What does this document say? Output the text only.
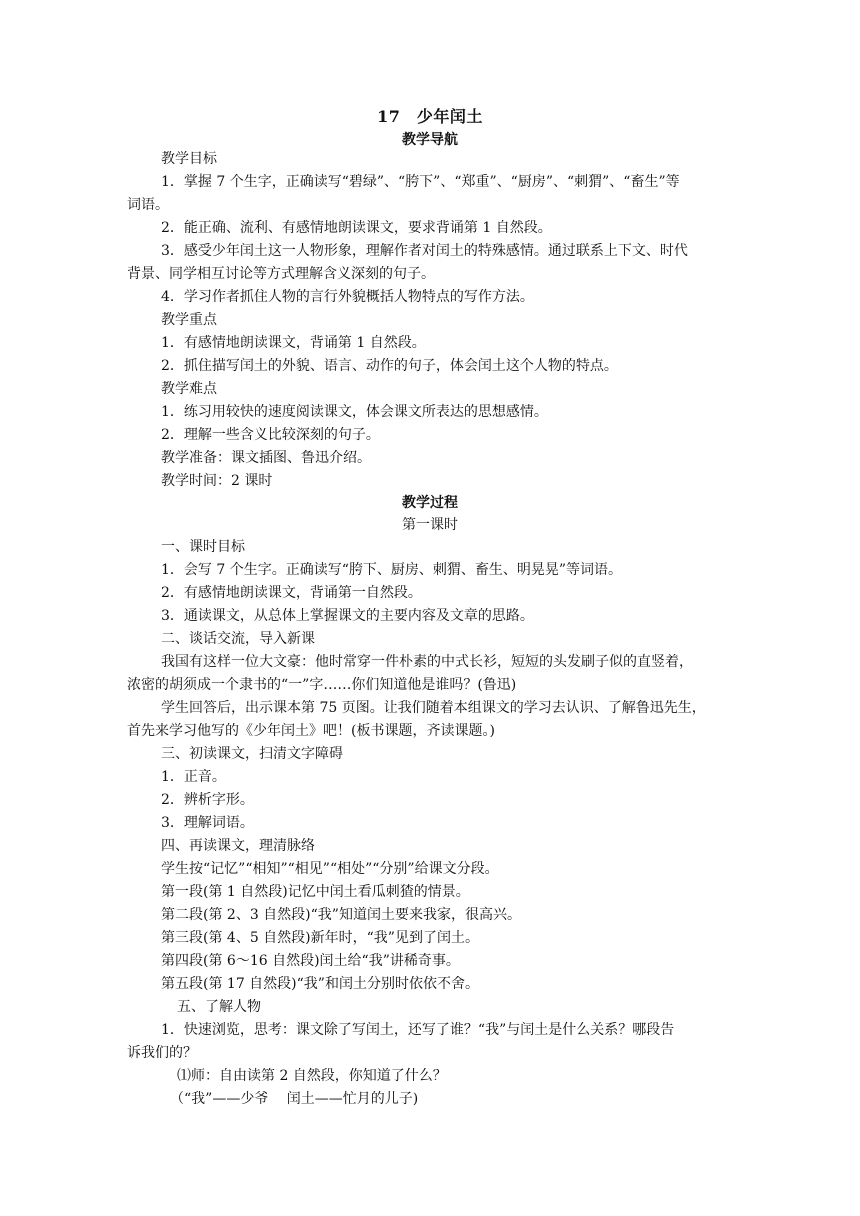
17　少年闰土
教学导航
教学目标
1．掌握 7 个生字，正确读写“碧绿”、“胯下”、“郑重”、“厨房”、“刺猬”、“畜生”等
词语。
2．能正确、流利、有感情地朗读课文，要求背诵第 1 自然段。
3．感受少年闰土这一人物形象，理解作者对闰土的特殊感情。通过联系上下文、时代
背景、同学相互讨论等方式理解含义深刻的句子。
4．学习作者抓住人物的言行外貌概括人物特点的写作方法。
教学重点
1．有感情地朗读课文，背诵第 1 自然段。
2．抓住描写闰土的外貌、语言、动作的句子，体会闰土这个人物的特点。
教学难点
1．练习用较快的速度阅读课文，体会课文所表达的思想感情。
2．理解一些含义比较深刻的句子。
教学准备：课文插图、鲁迅介绍。
教学时间：2 课时
教学过程
第一课时
一、课时目标
1．会写 7 个生字。正确读写“胯下、厨房、刺猬、畜生、明晃晃”等词语。
2．有感情地朗读课文，背诵第一自然段。
3．通读课文，从总体上掌握课文的主要内容及文章的思路。
二、谈话交流，导入新课
我国有这样一位大文豪：他时常穿一件朴素的中式长衫，短短的头发刷子似的直竖着，
浓密的胡须成一个隶书的“一”字……你们知道他是谁吗？(鲁迅)
学生回答后，出示课本第 75 页图。让我们随着本组课文的学习去认识、了解鲁迅先生，
首先来学习他写的《少年闰土》吧！(板书课题，齐读课题。)
三、初读课文，扫清文字障碍
1．正音。
2．辨析字形。
3．理解词语。
四、再读课文，理清脉络
学生按“记忆”“相知”“相见”“相处”“分别”给课文分段。
第一段(第 1 自然段)记忆中闰土看瓜刺猹的情景。
第二段(第 2、3 自然段)“我”知道闰土要来我家，很高兴。
第三段(第 4、5 自然段)新年时，“我”见到了闰土。
第四段(第 6～16 自然段)闰土给“我”讲稀奇事。
第五段(第 17 自然段)“我”和闰土分别时依依不舍。
五、了解人物
1．快速浏览，思考：课文除了写闰土，还写了谁？“我”与闰土是什么关系？哪段告
诉我们的？
⑴师：自由读第 2 自然段，你知道了什么？
（“我”——少爷　 闰土——忙月的儿子)
